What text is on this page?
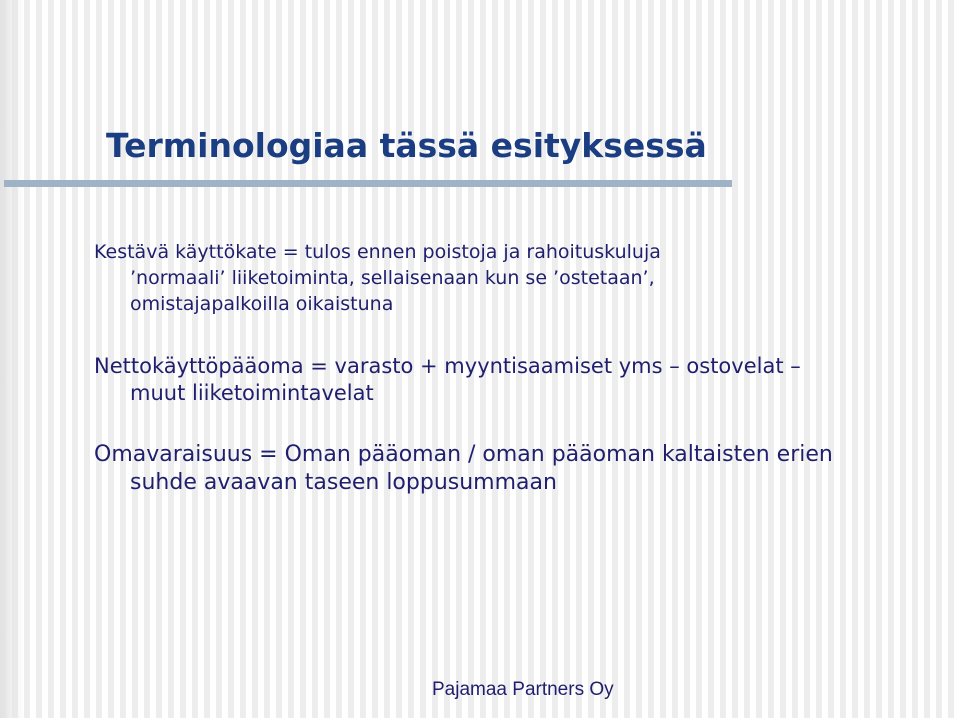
Terminologiaa tässä esityksessä
Kestävä käyttökate = tulos ennen poistoja ja rahoituskuluja
’normaali’ liiketoiminta, sellaisenaan kun se ’ostetaan’,
omistajapalkoilla oikaistuna
Nettokäyttöpääoma = varasto + myyntisaamiset yms – ostovelat –
muut liiketoimintavelat
Omavaraisuus = Oman pääoman / oman pääoman kaltaisten erien
suhde avaavan taseen loppusummaan
Pajamaa Partners Oy
